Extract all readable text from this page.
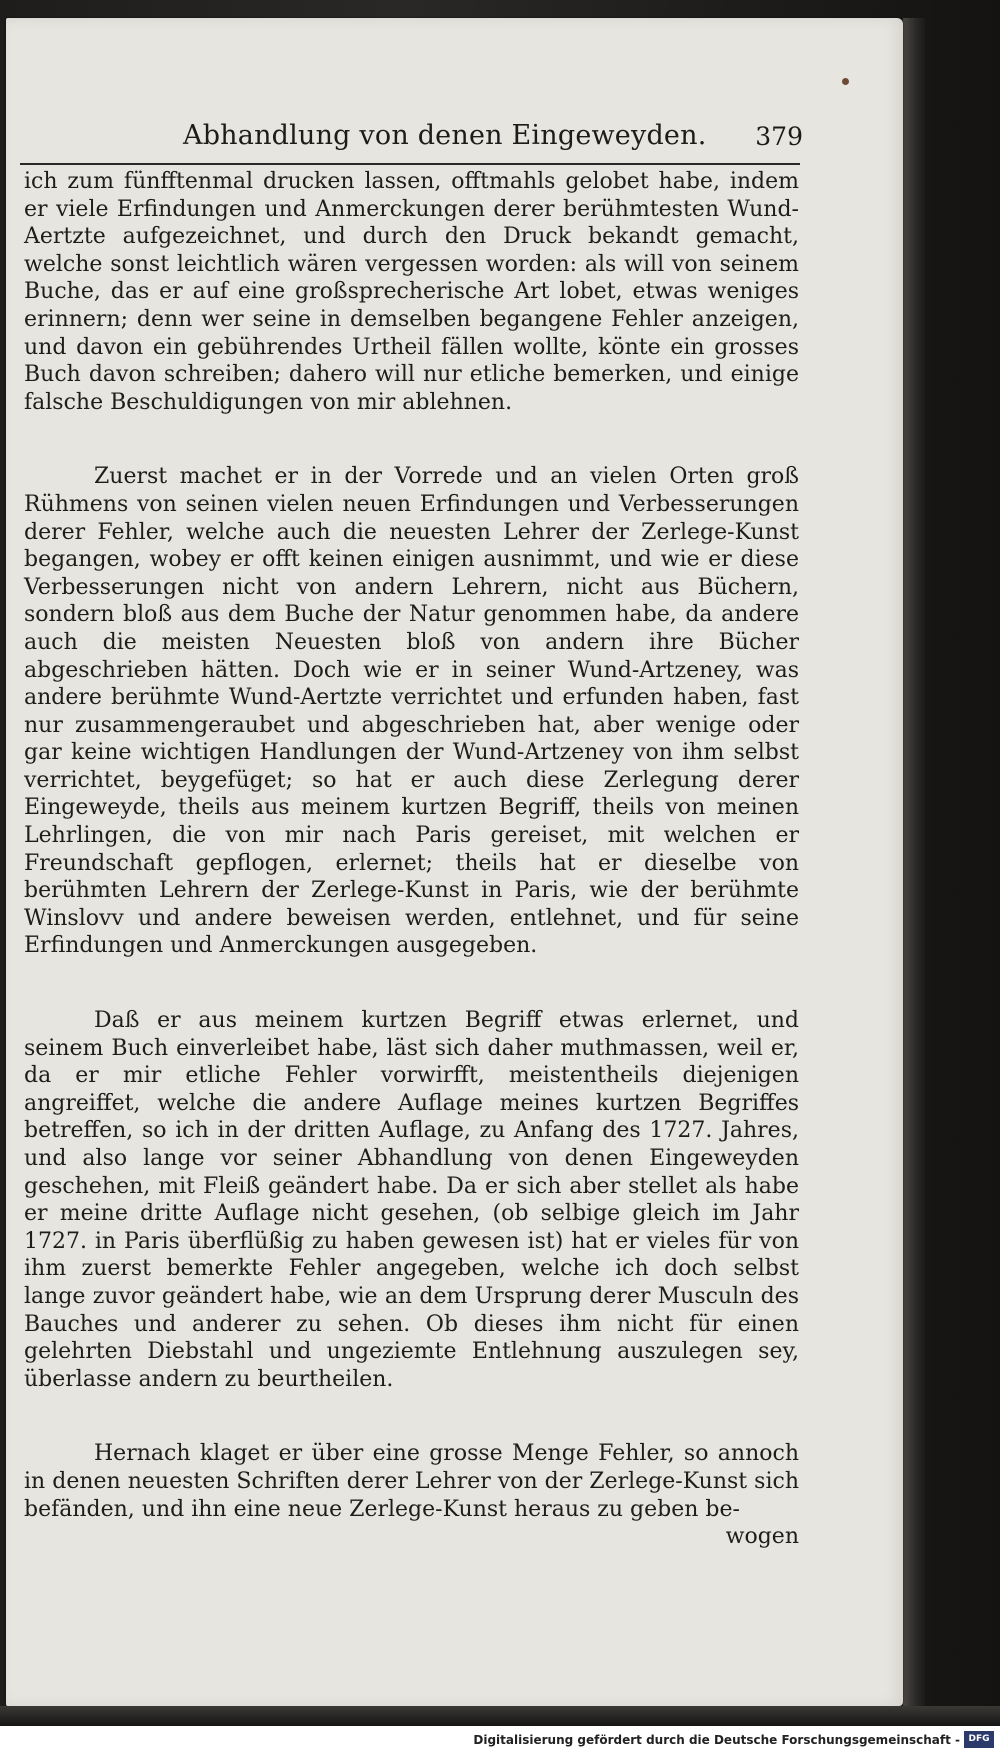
Abhandlung von denen Eingeweyden. 379

ich zum fünfftenmal drucken lassen, offtmahls gelobet habe, indem er viele Erfindungen und Anmerckungen derer berühmtesten Wund-Aertzte aufgezeichnet, und durch den Druck bekandt gemacht, welche sonst leichtlich wären vergessen worden: als will von seinem Buche, das er auf eine großsprecherische Art lobet, etwas weniges erinnern; denn wer seine in demselben begangene Fehler anzeigen, und davon ein gebührendes Urtheil fällen wollte, könte ein grosses Buch davon schreiben; dahero will nur etliche bemerken, und einige falsche Beschuldigungen von mir ablehnen.

Zuerst machet er in der Vorrede und an vielen Orten groß Rühmens von seinen vielen neuen Erfindungen und Verbesserungen derer Fehler, welche auch die neuesten Lehrer der Zerlege-Kunst begangen, wobey er offt keinen einigen ausnimmt, und wie er diese Verbesserungen nicht von andern Lehrern, nicht aus Büchern, sondern bloß aus dem Buche der Natur genommen habe, da andere auch die meisten Neuesten bloß von andern ihre Bücher abgeschrieben hätten. Doch wie er in seiner Wund-Artzeney, was andere berühmte Wund-Aertzte verrichtet und erfunden haben, fast nur zusammengeraubet und abgeschrieben hat, aber wenige oder gar keine wichtigen Handlungen der Wund-Artzeney von ihm selbst verrichtet, beygefüget; so hat er auch diese Zerlegung derer Eingeweyde, theils aus meinem kurtzen Begriff, theils von meinen Lehrlingen, die von mir nach Paris gereiset, mit welchen er Freundschaft gepflogen, erlernet; theils hat er dieselbe von berühmten Lehrern der Zerlege-Kunst in Paris, wie der berühmte Winslovv und andere beweisen werden, entlehnet, und für seine Erfindungen und Anmerckungen ausgegeben.

Daß er aus meinem kurtzen Begriff etwas erlernet, und seinem Buch einverleibet habe, läst sich daher muthmassen, weil er, da er mir etliche Fehler vorwirfft, meistentheils diejenigen angreiffet, welche die andere Auflage meines kurtzen Begriffes betreffen, so ich in der dritten Auflage, zu Anfang des 1727. Jahres, und also lange vor seiner Abhandlung von denen Eingeweyden geschehen, mit Fleiß geändert habe. Da er sich aber stellet als habe er meine dritte Auflage nicht gesehen, (ob selbige gleich im Jahr 1727. in Paris überflüßig zu haben gewesen ist) hat er vieles für von ihm zuerst bemerkte Fehler angegeben, welche ich doch selbst lange zuvor geändert habe, wie an dem Ursprung derer Musculn des Bauches und anderer zu sehen. Ob dieses ihm nicht für einen gelehrten Diebstahl und ungeziemte Entlehnung auszulegen sey, überlasse andern zu beurtheilen.

Hernach klaget er über eine grosse Menge Fehler, so annoch in denen neuesten Schriften derer Lehrer von der Zerlege-Kunst sich befänden, und ihn eine neue Zerlege-Kunst heraus zu geben be-

wogen

Digitalisierung gefördert durch die Deutsche Forschungsgemeinschaft - DFG
